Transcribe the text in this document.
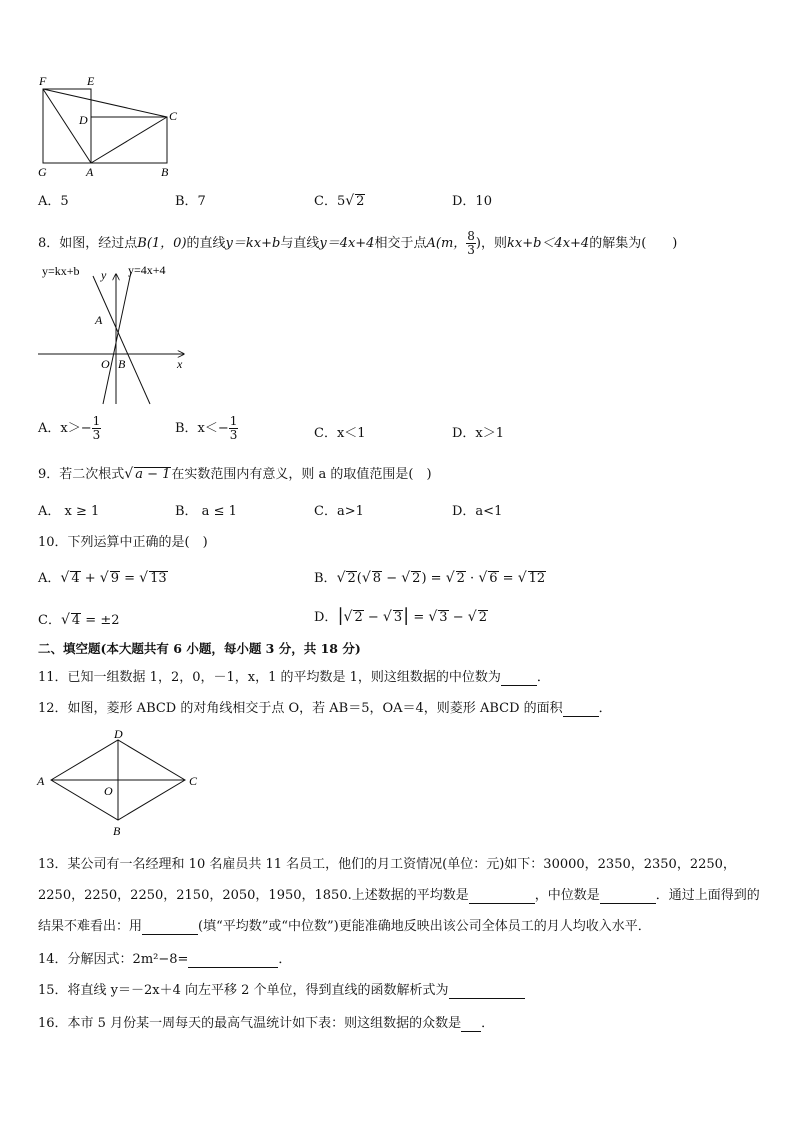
F	E
D	C
G	A	B
A．5	B．7	C．5√ 2	D．10
8．如图，经过点B(1，0)的直线y＝kx+b与直线y＝4x+4相交于点A(m， $\frac{8}{3}$ )，则kx+b＜4x+4的解集为(　　)
y=kx+b y y=4x+4
A
O B	x
A．$x>- \frac{1}{3}$	B．$x<- \frac{1}{3}$	C．x＜1	D．x＞1
9．若二次根式√ a − 1在实数范围内有意义，则 a 的取值范围是(　)
A． x ≥ 1	B． a ≤ 1	C．a>1	D．a<1
10．下列运算中正确的是(　)
A．√ 4 + √ 9 = √ 13	B．√ 2(√ 8 − √ 2) = √ 2 · √ 6 = √ 12
C．√ 4 = ±2	D．|√ 2 − √ 3| = √ 3 − √ 2
二、填空题(本大题共有 6 小题，每小题 3 分，共 18 分)
11．已知一组数据 1，2，0，－1，x，1 的平均数是 1，则这组数据的中位数为	．
12．如图，菱形 ABCD 的对角线相交于点 O，若 AB＝5，OA＝4，则菱形 ABCD 的面积	．
A
B
C
D
O
13．某公司有一名经理和 10 名雇员共 11 名员工，他们的月工资情况(单位：元)如下：30000，2350，2350，2250，
2250，2250，2250，2150，2050，1950，1850.上述数据的平均数是	，中位数是	．通过上面得到的
结果不难看出：用	(填“平均数”或“中位数”)更能准确地反映出该公司全体员工的月人均收入水平．
14．分解因式：2m²−8=	．
15．将直线 y＝－2x＋4 向左平移 2 个单位，得到直线的函数解析式为
16．本市 5 月份某一周每天的最高气温统计如下表：则这组数据的众数是 ．
